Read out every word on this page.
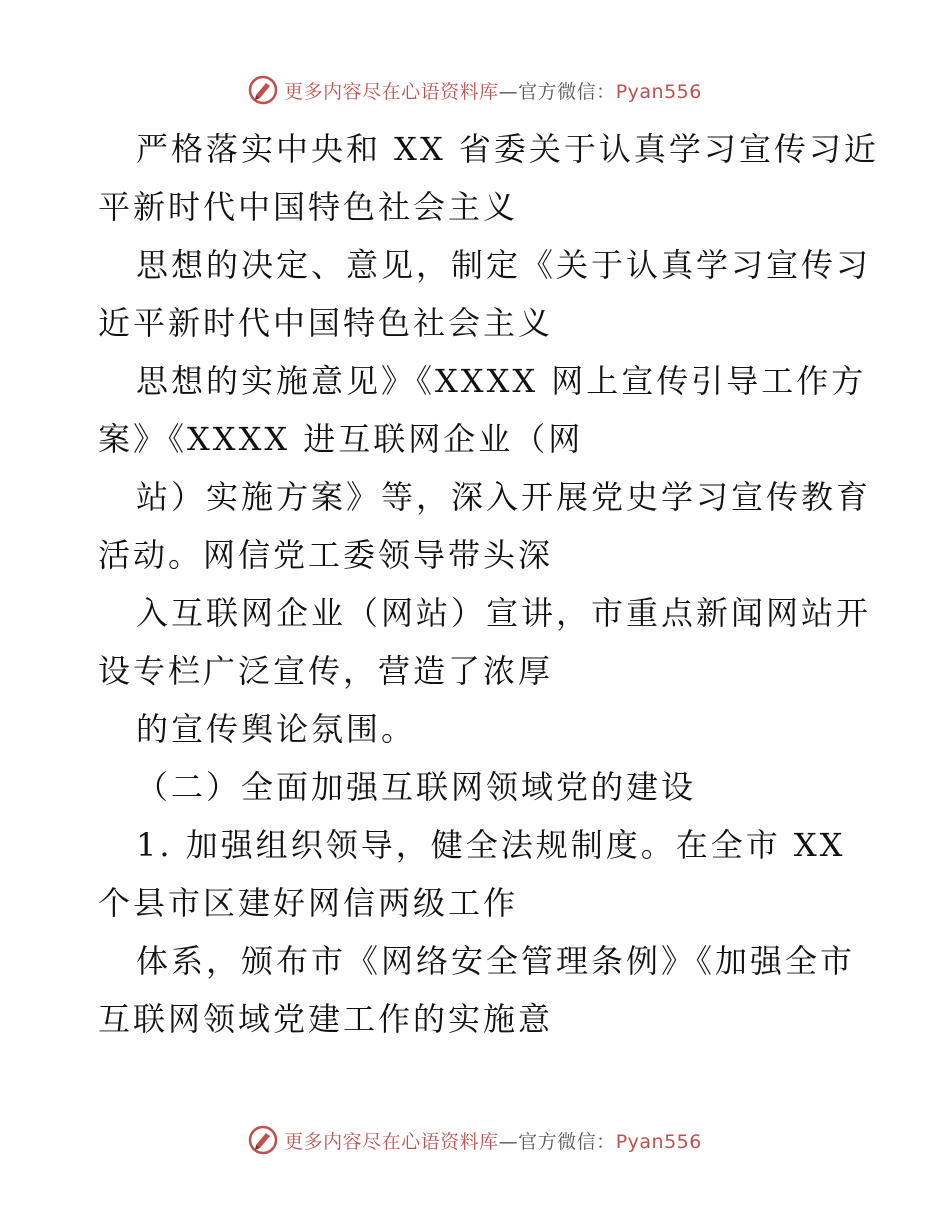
更多内容尽在心语资料库—官方微信：Pyan556
严格落实中央和 XX 省委关于认真学习宣传习近
平新时代中国特色社会主义
思想的决定、意见，制定《关于认真学习宣传习
近平新时代中国特色社会主义
思想的实施意见》《XXXX 网上宣传引导工作方
案》《XXXX 进互联网企业（网
站）实施方案》等，深入开展党史学习宣传教育
活动。网信党工委领导带头深
入互联网企业（网站）宣讲，市重点新闻网站开
设专栏广泛宣传，营造了浓厚
的宣传舆论氛围。
（二）全面加强互联网领域党的建设
1. 加强组织领导，健全法规制度。在全市 XX
个县市区建好网信两级工作
体系，颁布市《网络安全管理条例》《加强全市
互联网领域党建工作的实施意
更多内容尽在心语资料库—官方微信：Pyan556
